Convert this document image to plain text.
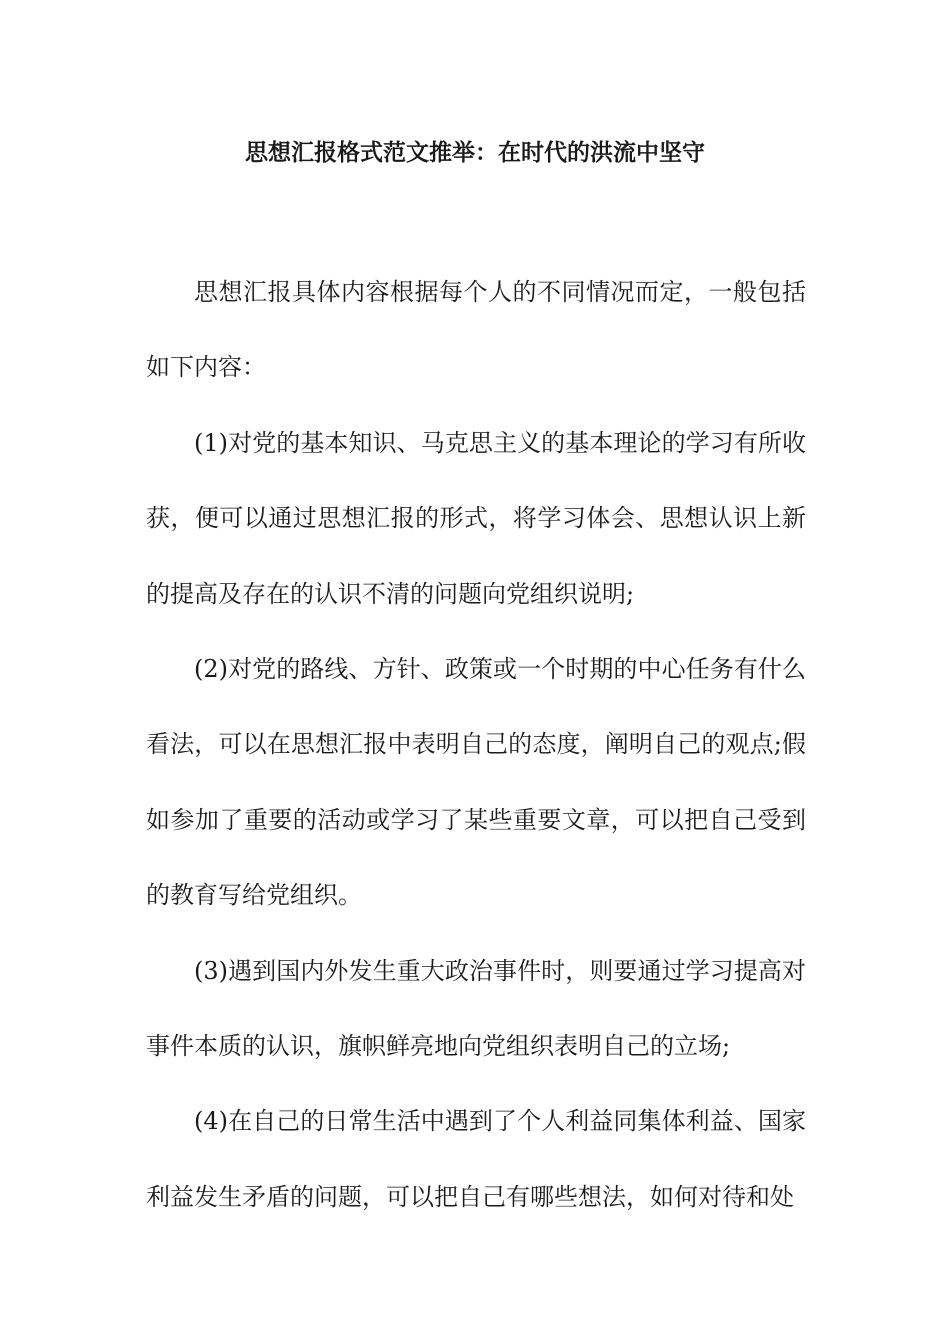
思想汇报格式范文推举：在时代的洪流中坚守

思想汇报具体内容根据每个人的不同情况而定，一般包括如下内容：

(1)对党的基本知识、马克思主义的基本理论的学习有所收获，便可以通过思想汇报的形式，将学习体会、思想认识上新的提高及存在的认识不清的问题向党组织说明;

(2)对党的路线、方针、政策或一个时期的中心任务有什么看法，可以在思想汇报中表明自己的态度，阐明自己的观点;假如参加了重要的活动或学习了某些重要文章，可以把自己受到的教育写给党组织。

(3)遇到国内外发生重大政治事件时，则要通过学习提高对事件本质的认识，旗帜鲜亮地向党组织表明自己的立场;

(4)在自己的日常生活中遇到了个人利益同集体利益、国家利益发生矛盾的问题，可以把自己有哪些想法，如何对待和处
